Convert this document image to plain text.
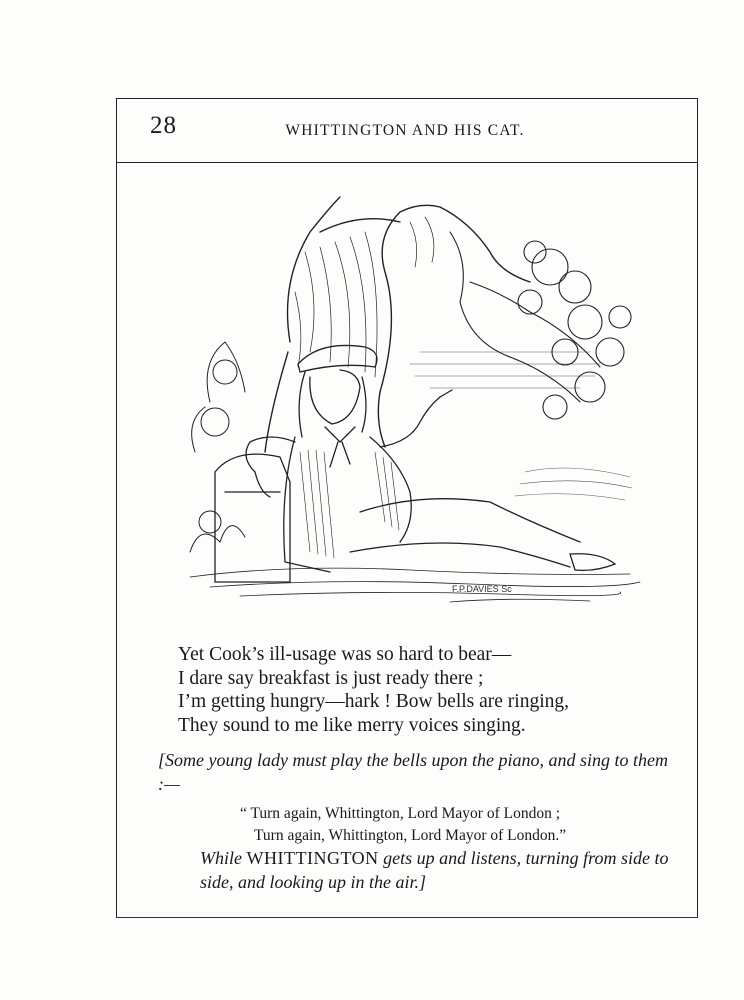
28	WHITTINGTON AND HIS CAT.
F.P.DAVIES Sc
Yet Cook’s ill-usage was so hard to bear—
I dare say breakfast is just ready there ;
I’m getting hungry—hark ! Bow bells are ringing,
They sound to me like merry voices singing.
[Some young lady must play the bells upon the piano, and sing to them :—
“ Turn again, Whittington, Lord Mayor of London ;
Turn again, Whittington, Lord Mayor of London.”
While WHITTINGTON gets up and listens, turning from side to side, and looking up in the air.]
